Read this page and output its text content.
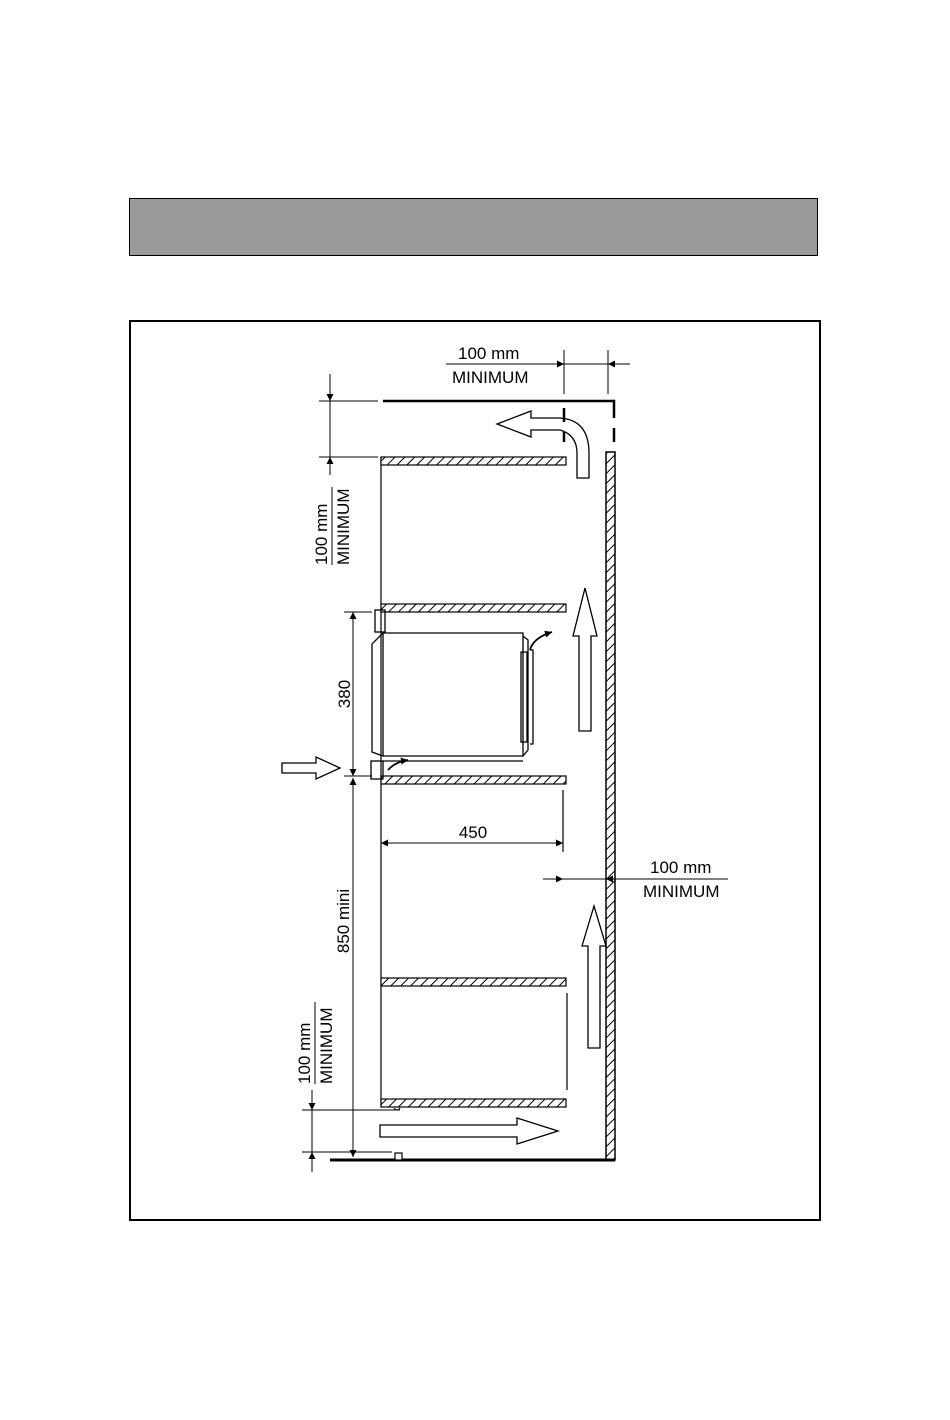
100 mm MINIMUM
100 mm
MINIMUM
380
450
100 mm
MINIMUM
850 mini
100 mm MINIMUM
